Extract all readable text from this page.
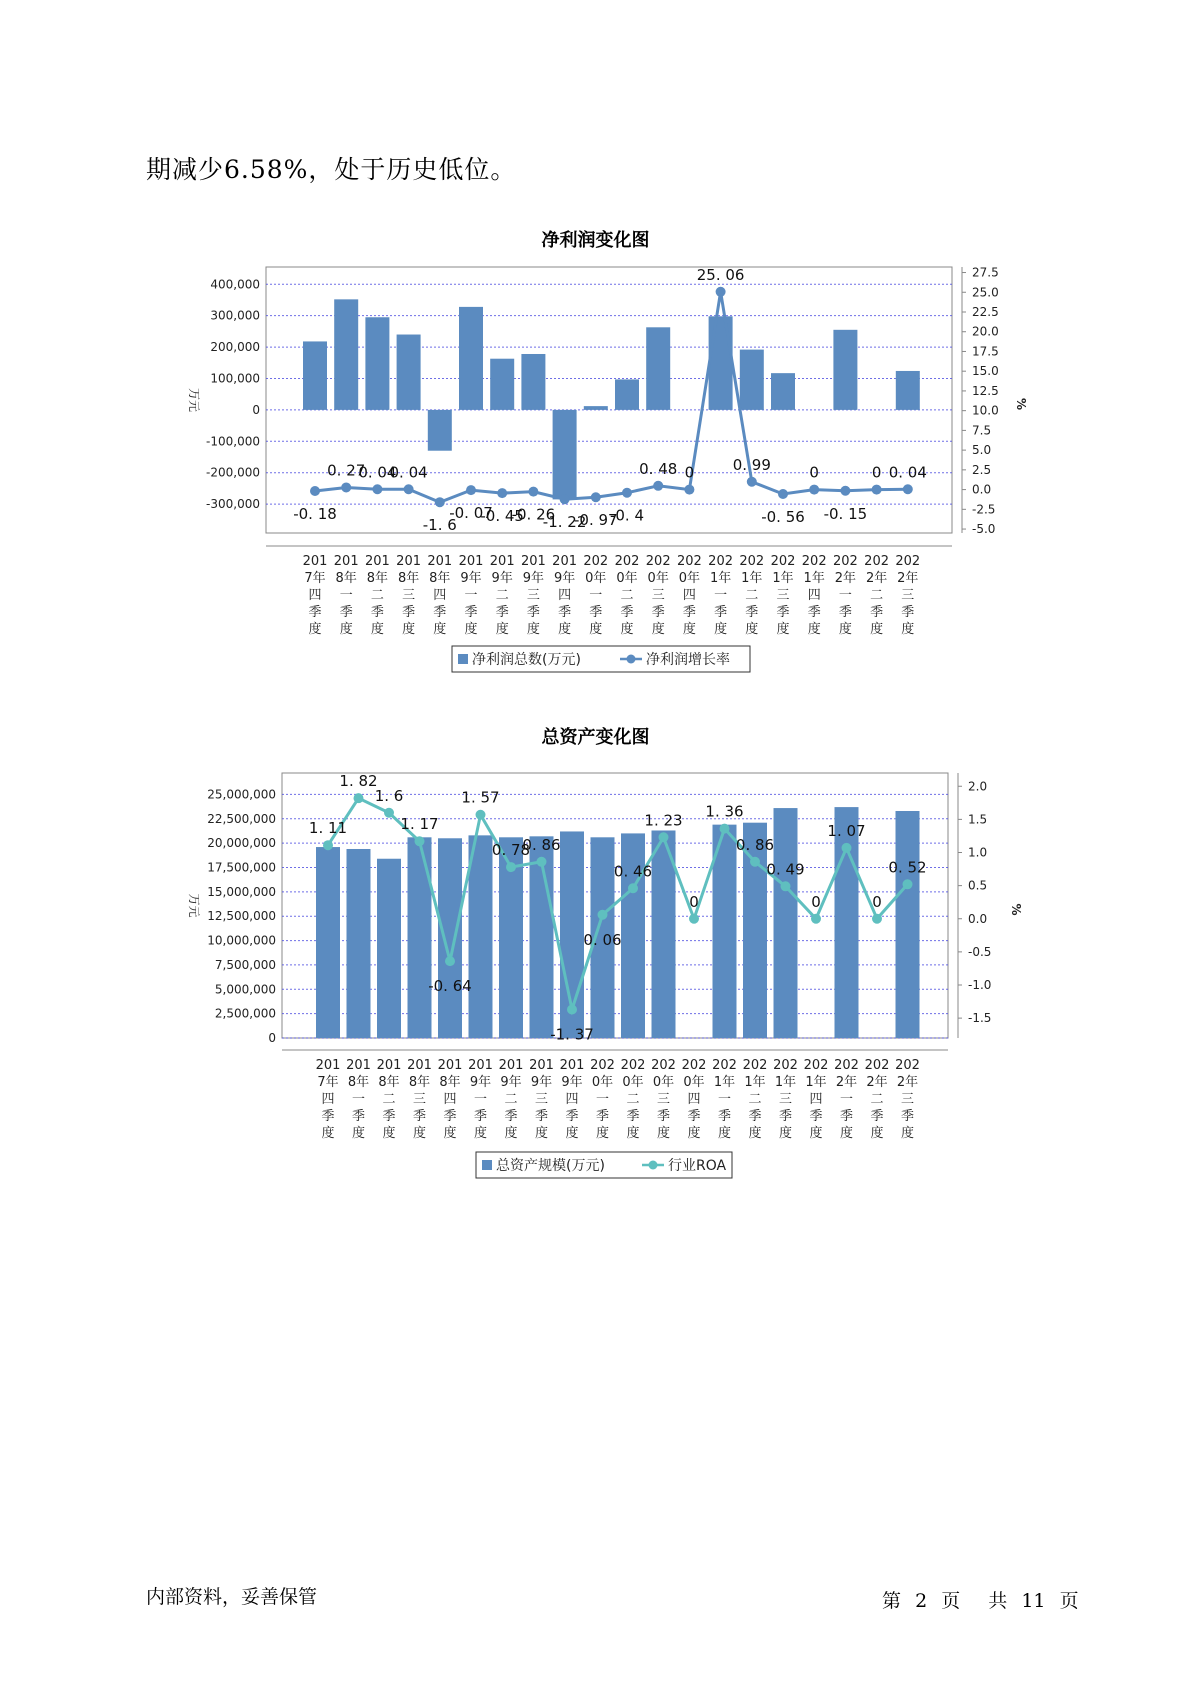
期减少6.58%，处于历史低位。
净利润变化图
400,000
300,000
200,000
100,000
0
-100,000
-200,000
-300,000
27.5
25.0
22.5
20.0
17.5
15.0
12.5
10.0
7.5
5.0
2.5
0.0
-2.5
-5.0
万元	%
-0. 18
0. 27
0. 04
0. 04
-1. 6
-0. 07
-0. 45
-0. 26
-1. 22
-0. 97
-0. 4
0. 48 0
25. 06
0. 99
-0. 56
0
-0. 15
0 0. 04
201
7年
四
季
度
201
8年
一
季
度
201
8年
二
季
度
201
8年
三
季
度
201
8年
四
季
度
201
9年
一
季
度
201
9年
二
季
度
201
9年
三
季
度
201
9年
四
季
度
202
0年
一
季
度
202
0年
二
季
度
202
0年
三
季
度
202
0年
四
季
度
202
1年
一
季
度
202
1年
二
季
度
202
1年
三
季
度
202
1年
四
季
度
202
2年
一
季
度
202
2年
二
季
度
202
2年
三
季
度
净利润总数(万元)	净利润增长率
总资产变化图
25,000,000
22,500,000
20,000,000
17,500,000
15,000,000
12,500,000
10,000,000
7,500,000
5,000,000
2,500,000
0
2.0
1.5
1.0
0.5
0.0
-0.5
-1.0
-1.5
万元	%
1. 11
1. 82
1. 6
1. 17
-0. 64
1. 57
0. 78
0. 86
-1. 37
0. 06
0. 46
1. 23
0
1. 36
0. 86
0. 49
0
1. 07
0
0. 52
201
7年
四
季
度
201
8年
一
季
度
201
8年
二
季
度
201
8年
三
季
度
201
8年
四
季
度
201
9年
一
季
度
201
9年
二
季
度
201
9年
三
季
度
201
9年
四
季
度
202
0年
一
季
度
202
0年
二
季
度
202
0年
三
季
度
202
0年
四
季
度
202
1年
一
季
度
202
1年
二
季
度
202
1年
三
季
度
202
1年
四
季
度
202
2年
一
季
度
202
2年
二
季
度
202
2年
三
季
度
总资产规模(万元)	行业ROA
内部资料，妥善保管	第 2 页 共 11 页
